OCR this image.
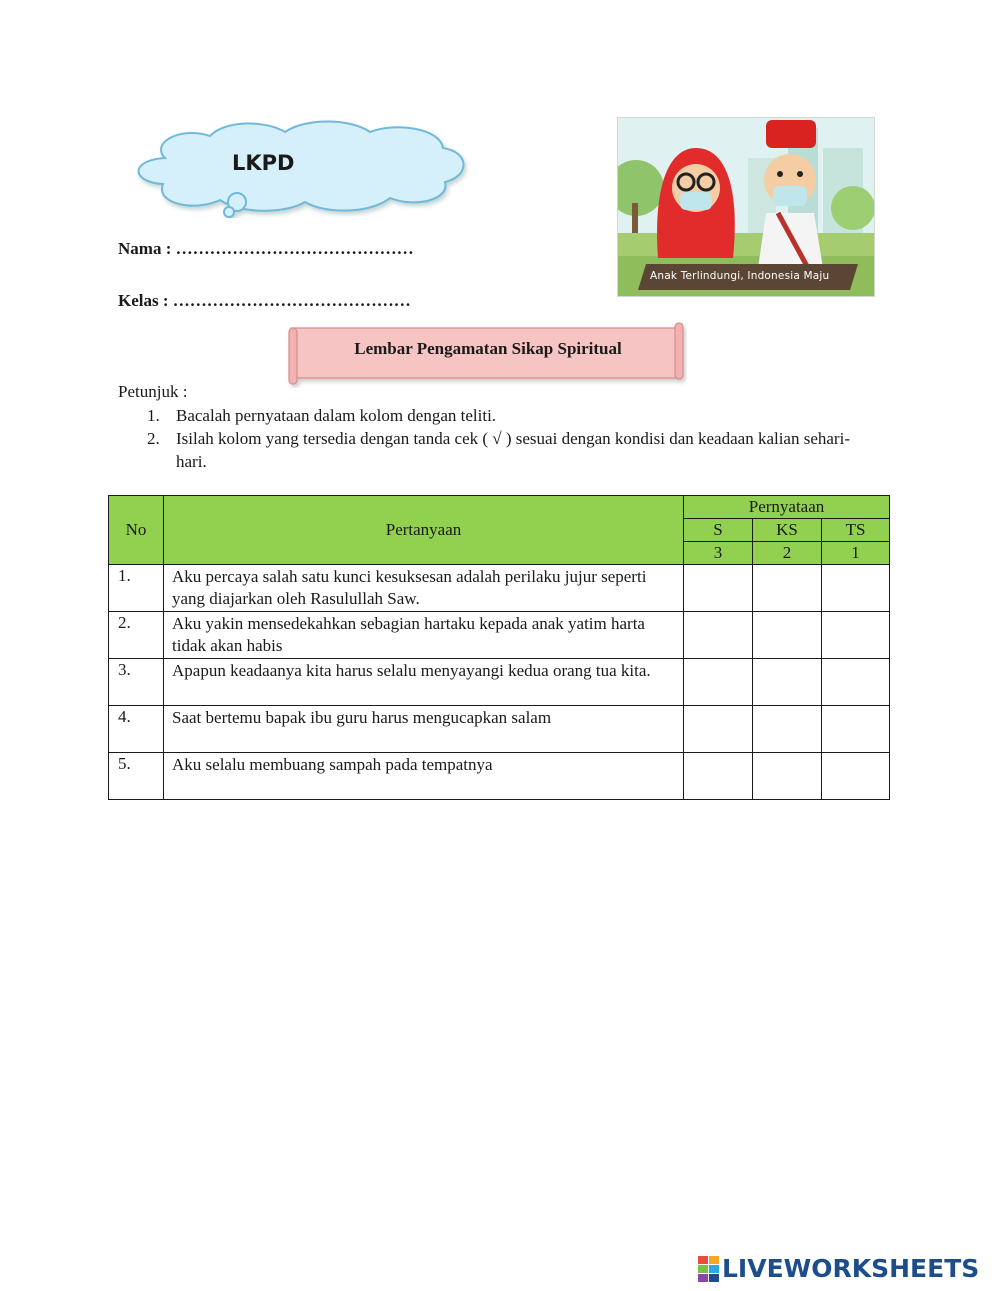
LKPD
Anak Terlindungi, Indonesia Maju
Nama : ……………………………………
Kelas : ……………………………………
Lembar Pengamatan Sikap Spiritual
Petunjuk :
1. Bacalah pernyataan dalam kolom dengan teliti.
2. Isilah kolom yang tersedia dengan tanda cek ( √ ) sesuai dengan kondisi dan keadaan kalian sehari-hari.
No	Pertanyaan	Pernyataan		
		S	KS	TS
		3	2	1
1.	Aku percaya salah satu kunci kesuksesan adalah perilaku jujur seperti yang diajarkan oleh Rasulullah Saw.			
2.	Aku yakin mensedekahkan sebagian hartaku kepada anak yatim harta tidak akan habis			
3.	Apapun keadaanya kita harus selalu menyayangi kedua orang tua kita.			
4.	Saat bertemu bapak ibu guru harus mengucapkan salam			
5.	Aku selalu membuang sampah pada tempatnya			
LIVEWORKSHEETS
